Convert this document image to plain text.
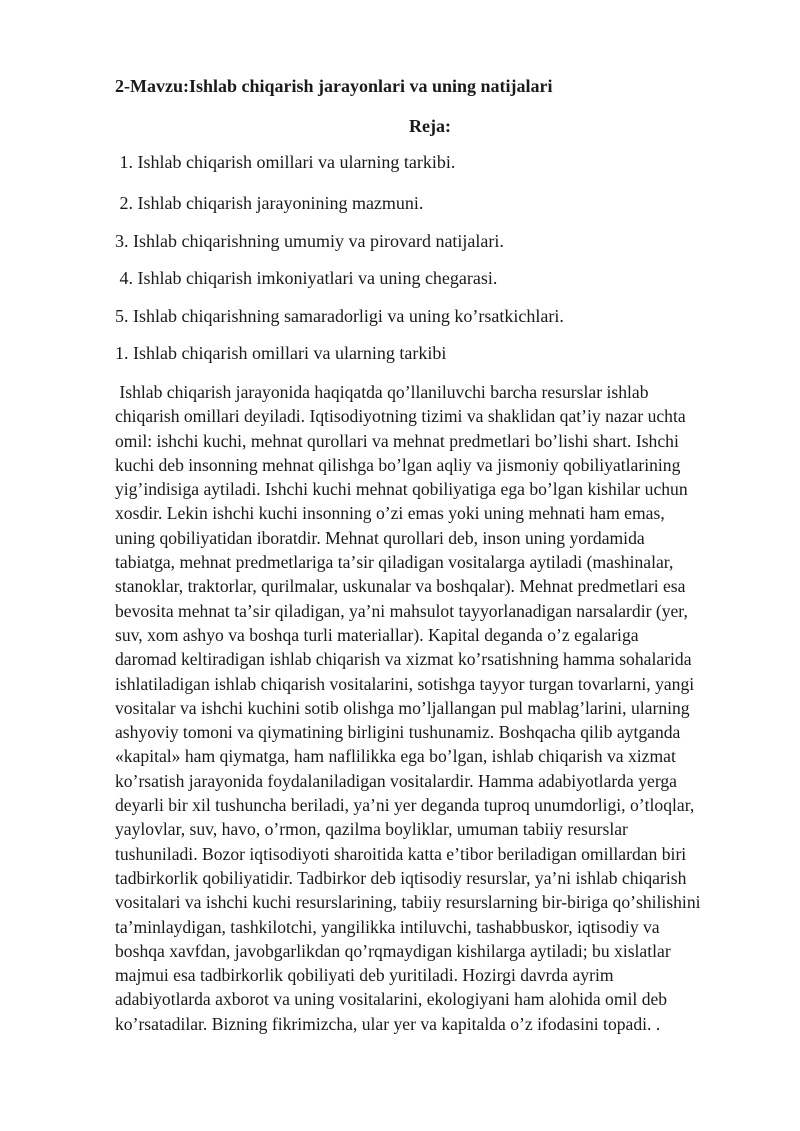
2-Mavzu:Ishlab chiqarish jarayonlari va uning natijalari
Reja:

1. Ishlab chiqarish omillari va ularning tarkibi.

2. Ishlab chiqarish jarayonining mazmuni.

3. Ishlab chiqarishning umumiy va pirovard natijalari.

4. Ishlab chiqarish imkoniyatlari va uning chegarasi.

5. Ishlab chiqarishning samaradorligi va uning koʼrsatkichlari.

1. Ishlab chiqarish omillari va ularning tarkibi

Ishlab chiqarish jarayonida haqiqatda qoʼllaniluvchi barcha resurslar ishlab
chiqarish omillari deyiladi. Iqtisodiyotning tizimi va shaklidan qatʼiy nazar uchta
omil: ishchi kuchi, mehnat qurollari va mehnat predmetlari boʼlishi shart. Ishchi
kuchi deb insonning mehnat qilishga boʼlgan aqliy va jismoniy qobiliyatlarining
yigʼindisiga aytiladi. Ishchi kuchi mehnat qobiliyatiga ega boʼlgan kishilar uchun
xosdir. Lekin ishchi kuchi insonning oʼzi emas yoki uning mehnati ham emas,
uning qobiliyatidan iboratdir. Mehnat qurollari deb, inson uning yordamida
tabiatga, mehnat predmetlariga taʼsir qiladigan vositalarga aytiladi (mashinalar,
stanoklar, traktorlar, qurilmalar, uskunalar va boshqalar). Mehnat predmetlari esa
bevosita mehnat taʼsir qiladigan, yaʼni mahsulot tayyorlanadigan narsalardir (yer,
suv, xom ashyo va boshqa turli materiallar). Kapital deganda oʼz egalariga
daromad keltiradigan ishlab chiqarish va xizmat koʼrsatishning hamma sohalarida
ishlatiladigan ishlab chiqarish vositalarini, sotishga tayyor turgan tovarlarni, yangi
vositalar va ishchi kuchini sotib olishga moʼljallangan pul mablagʼlarini, ularning
ashyoviy tomoni va qiymatining birligini tushunamiz. Boshqacha qilib aytganda
«kapital» ham qiymatga, ham naflilikka ega boʼlgan, ishlab chiqarish va xizmat
koʼrsatish jarayonida foydalaniladigan vositalardir. Hamma adabiyotlarda yerga
deyarli bir xil tushuncha beriladi, yaʼni yer deganda tuproq unumdorligi, oʼtloqlar,
yaylovlar, suv, havo, oʼrmon, qazilma boyliklar, umuman tabiiy resurslar
tushuniladi. Bozor iqtisodiyoti sharoitida katta eʼtibor beriladigan omillardan biri
tadbirkorlik qobiliyatidir. Tadbirkor deb iqtisodiy resurslar, yaʼni ishlab chiqarish
vositalari va ishchi kuchi resurslarining, tabiiy resurslarning bir-biriga qoʼshilishini
taʼminlaydigan, tashkilotchi, yangilikka intiluvchi, tashabbuskor, iqtisodiy va
boshqa xavfdan, javobgarlikdan qoʼrqmaydigan kishilarga aytiladi; bu xislatlar
majmui esa tadbirkorlik qobiliyati deb yuritiladi. Hozirgi davrda ayrim
adabiyotlarda axborot va uning vositalarini, ekologiyani ham alohida omil deb
koʼrsatadilar. Bizning fikrimizcha, ular yer va kapitalda oʼz ifodasini topadi. .
